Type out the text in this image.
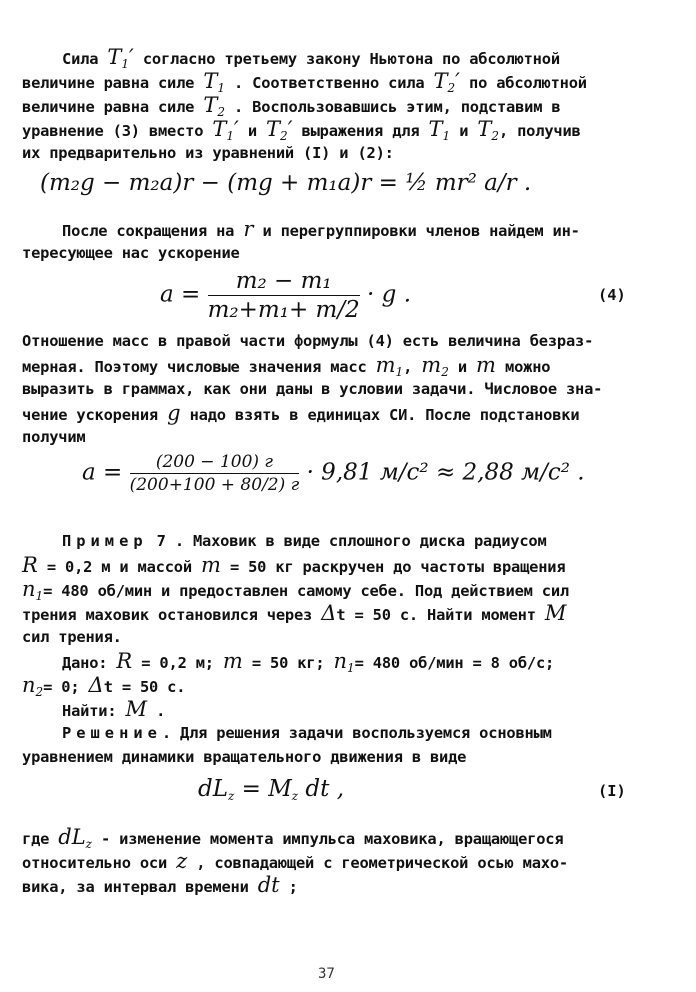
Сила $T_1'$ согласно третьему закону Ньютона по абсолютной
величине равна силе $T_1$ . Соответственно сила $T_2'$ по абсолютной
величине равна силе $T_2$ . Воспользовавшись этим, подставим в
уравнение (3) вместо $T_1'$ и $T_2'$ выражения для $T_1$ и $T_2$, получив
их предварительно из уравнений (I) и (2):
(m₂g − m₂a)r − (mg + m₁a)r = ½ mr² a/r .
После сокращения на r и перегруппировки членов найдем ин-
тересующее нас ускорение
$a = \frac{\text{m₂ − m₁}}{\text{m₂+m₁+ m/2}} \cdot g$ .	(4)
Отношение масс в правой части формулы (4) есть величина безраз-
мерная. Поэтому числовые значения масс $m_1$, $m_2$ и m можно
выразить в граммах, как они даны в условии задачи. Числовое зна-
чение ускорения g надо взять в единицах СИ. После подстановки
получим
$a = \frac{(200 - 100) г}{(200+100 + 80/2) г} \cdot 9,81$ м/с² ≈ 2,88 м/с² .
Пример 7 . Маховик в виде сплошного диска радиусом
R = 0,2 м и массой m = 50 кг раскручен до частоты вращения
$n_1= 480$ об/мин и предоставлен самому себе. Под действием сил
трения маховик остановился через Δt = 50 с. Найти момент M
сил трения.
Дано: R = 0,2 м; m = 50 кг; $n_1= 480$ об/мин = 8 об/с;
$n_2= 0$; Δt = 50 с.
Найти: M .
Решение. Для решения задачи воспользуемся основным
уравнением динамики вращательного движения в виде
$dL_z = M_z$ dt ,	(I)
где $dL_z$ - изменение момента импульса маховика, вращающегося
относительно оси z , совпадающей с геометрической осью махо-
вика, за интервал времени dt ;
37
